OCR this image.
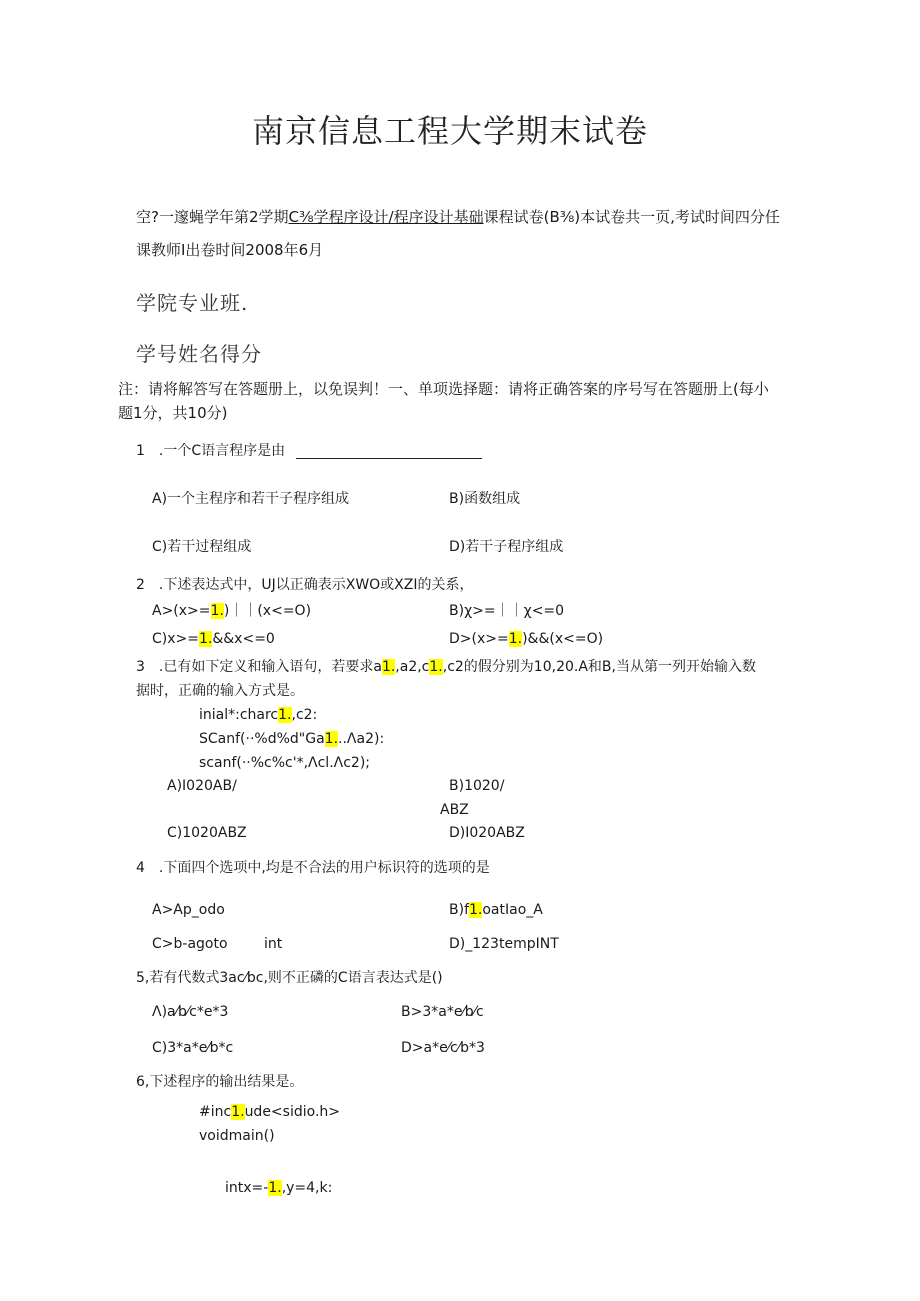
南京信息工程大学期末试卷
空?一邃蝇学年第2学期C⅜学程序设计/程序设计基础课程试卷(B⅜)本试卷共一页,考试时间四分任
课教师I出卷时间2008年6月
学院专业班.
学号姓名得分
注：请将解答写在答题册上，以免误判！一、单项选择题：请将正确答案的序号写在答题册上(每小
题1分，共10分)
1　.一个C语言程序是由
A)一个主程序和若干子程序组成	B)函数组成
C)若干过程组成	D)若干子程序组成
2　.下述表达式中，UJ以正确表示XWO或XZI的关系，
A>(x>=1.)｜｜(x<=O)	B)χ>=｜｜χ<=0
C)x>=1.&&x<=0	D>(x>=1.)&&(x<=O)
3　.已有如下定义和输入语句，若要求a1.,a2,c1.,c2的假分别为10,20.A和B,当从第一列开始输入数
据时，正确的输入方式是。
inial*:charc1.,c2:
SCanf(··%d%d"Ga1...Λa2):
scanf(··%c%c'*,Λcl.Λc2);
A)I020AB/	B)1020/
ABZ
C)1020ABZ	D)I020ABZ
4　.下面四个选项中,均是不合法的用户标识符的选项的是
A>Ap_odo	B)f1.oatIao_A
C>b-agoto	int	D)_123tempINT
5,若有代数式3ac⁄bc,则不正磷的C语言表达式是()
Λ)a⁄b⁄c*e*3	B>3*a*e⁄b⁄c
C)3*a*e⁄b*c	D>a*e⁄c⁄b*3
6,下述程序的输出结果是。
#inc1.ude<sidio.h>
voidmain()
intx=-1.,y=4,k:
